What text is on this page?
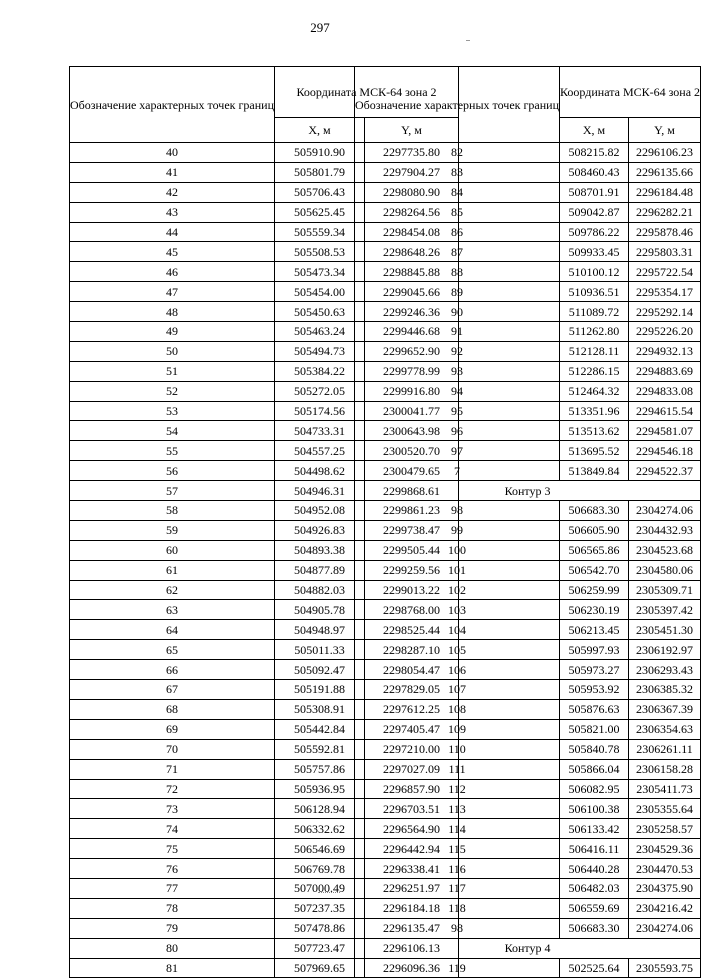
297
Обозначение характерных точек границ	Координата МСК-64 зона 2	
	X, м	Y, м
40	505910.90	2297735.80
41	505801.79	2297904.27
42	505706.43	2298080.90
43	505625.45	2298264.56
44	505559.34	2298454.08
45	505508.53	2298648.26
46	505473.34	2298845.88
47	505454.00	2299045.66
48	505450.63	2299246.36
49	505463.24	2299446.68
50	505494.73	2299652.90
51	505384.22	2299778.99
52	505272.05	2299916.80
53	505174.56	2300041.77
54	504733.31	2300643.98
55	504557.25	2300520.70
56	504498.62	2300479.65
57	504946.31	2299868.61
58	504952.08	2299861.23
59	504926.83	2299738.47
60	504893.38	2299505.44
61	504877.89	2299259.56
62	504882.03	2299013.22
63	504905.78	2298768.00
64	504948.97	2298525.44
65	505011.33	2298287.10
66	505092.47	2298054.47
67	505191.88	2297829.05
68	505308.91	2297612.25
69	505442.84	2297405.47
70	505592.81	2297210.00
71	505757.86	2297027.09
72	505936.95	2296857.90
73	506128.94	2296703.51
74	506332.62	2296564.90
75	506546.69	2296442.94
76	506769.78	2296338.41
77	507000.49	2296251.97
78	507237.35	2296184.18
79	507478.86	2296135.47
80	507723.47	2296106.13
81	507969.65	2296096.36
Обозначение характерных точек границ	Координата МСК-64 зона 2	
	X, м	Y, м
82	508215.82	2296106.23
83	508460.43	2296135.66
84	508701.91	2296184.48
85	509042.87	2296282.21
86	509786.22	2295878.46
87	509933.45	2295803.31
88	510100.12	2295722.54
89	510936.51	2295354.17
90	511089.72	2295292.14
91	511262.80	2295226.20
92	512128.11	2294932.13
93	512286.15	2294883.69
94	512464.32	2294833.08
95	513351.96	2294615.54
96	513513.62	2294581.07
97	513695.52	2294546.18
7	513849.84	2294522.37
Контур 3		
98	506683.30	2304274.06
99	506605.90	2304432.93
100	506565.86	2304523.68
101	506542.70	2304580.06
102	506259.99	2305309.71
103	506230.19	2305397.42
104	506213.45	2305451.30
105	505997.93	2306192.97
106	505973.27	2306293.43
107	505953.92	2306385.32
108	505876.63	2306367.39
109	505821.00	2306354.63
110	505840.78	2306261.11
111	505866.04	2306158.28
112	506082.95	2305411.73
113	506100.38	2305355.64
114	506133.42	2305258.57
115	506416.11	2304529.36
116	506440.28	2304470.53
117	506482.03	2304375.90
118	506559.69	2304216.42
98	506683.30	2304274.06
Контур 4		
119	502525.64	2305593.75
